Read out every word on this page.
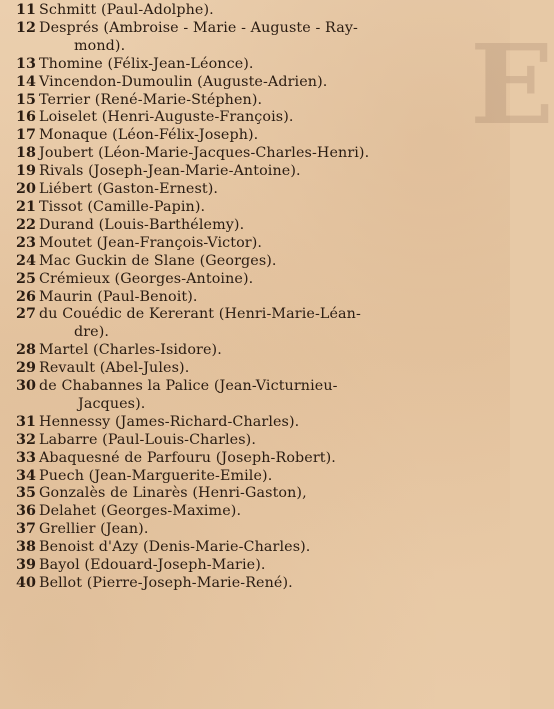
E
11 Schmitt (Paul-Adolphe).
12 Després (Ambroise - Marie - Auguste - Ray-
mond).
13 Thomine (Félix-Jean-Léonce).
14 Vincendon-Dumoulin (Auguste-Adrien).
15 Terrier (René-Marie-Stéphen).
16 Loiselet (Henri-Auguste-François).
17 Monaque (Léon-Félix-Joseph).
18 Joubert (Léon-Marie-Jacques-Charles-Henri).
19 Rivals (Joseph-Jean-Marie-Antoine).
20 Liébert (Gaston-Ernest).
21 Tissot (Camille-Papin).
22 Durand (Louis-Barthélemy).
23 Moutet (Jean-François-Victor).
24 Mac Guckin de Slane (Georges).
25 Crémieux (Georges-Antoine).
26 Maurin (Paul-Benoit).
27 du Couédic de Kererant (Henri-Marie-Léan-
dre).
28 Martel (Charles-Isidore).
29 Revault (Abel-Jules).
30 de Chabannes la Palice (Jean-Victurnieu-
Jacques).
31 Hennessy (James-Richard-Charles).
32 Labarre (Paul-Louis-Charles).
33 Abaquesné de Parfouru (Joseph-Robert).
34 Puech (Jean-Marguerite-Emile).
35 Gonzalès de Linarès (Henri-Gaston),
36 Delahet (Georges-Maxime).
37 Grellier (Jean).
38 Benoist d'Azy (Denis-Marie-Charles).
39 Bayol (Edouard-Joseph-Marie).
40 Bellot (Pierre-Joseph-Marie-René).
